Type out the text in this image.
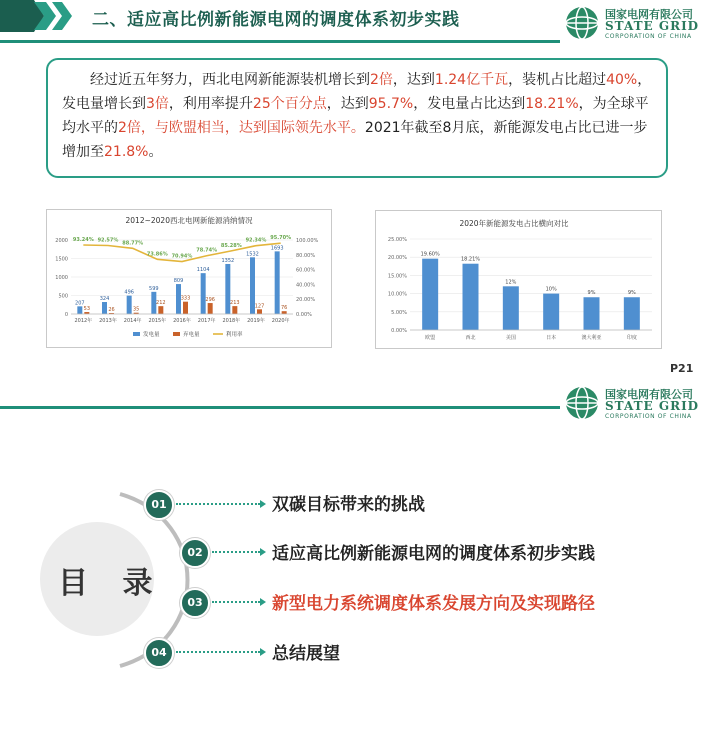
二、适应高比例新能源电网的调度体系初步实践	国家电网有限公司
STATE GRID
CORPORATION OF CHINA
经过近五年努力，西北电网新能源装机增长到2倍，达到1.24亿千瓦，装机占比超过40%，发电量增长到3倍，利用率提升25个百分点，达到95.7%，发电量占比达到18.21%，为全球平均水平的2倍，与欧盟相当，达到国际领先水平。2021年截至8月底，新能源发电占比已进一步增加至21.8%。
2012~2020西北电网新能源消纳情况
0
500
1000
1500
2000
0.00%
20.00%
40.00%
60.00%
80.00%
100.00%
207
53
2012年
324
26
2013年
496
35
2014年
599
212
2015年
809
333
2016年
1104
296
2017年
1352
213
2018年
1532
127
2019年
1693
76
2020年
93.24% 92.57% 88.77%
73.86% 70.94%
78.74%
85.28%
92.34% 95.70%
发电量	弃电量	利用率
2020年新能源发电占比横向对比
0.00%
5.00%
10.00%
15.00%
20.00%
25.00%
19.60%
欧盟
18.21%
西北
12%
美国
10%
日本
9%
澳大利亚
9%
印度
P21
国家电网有限公司
STATE GRID
CORPORATION OF CHINA
目 录
01	双碳目标带来的挑战
02	适应高比例新能源电网的调度体系初步实践
03	新型电力系统调度体系发展方向及实现路径
04	总结展望
